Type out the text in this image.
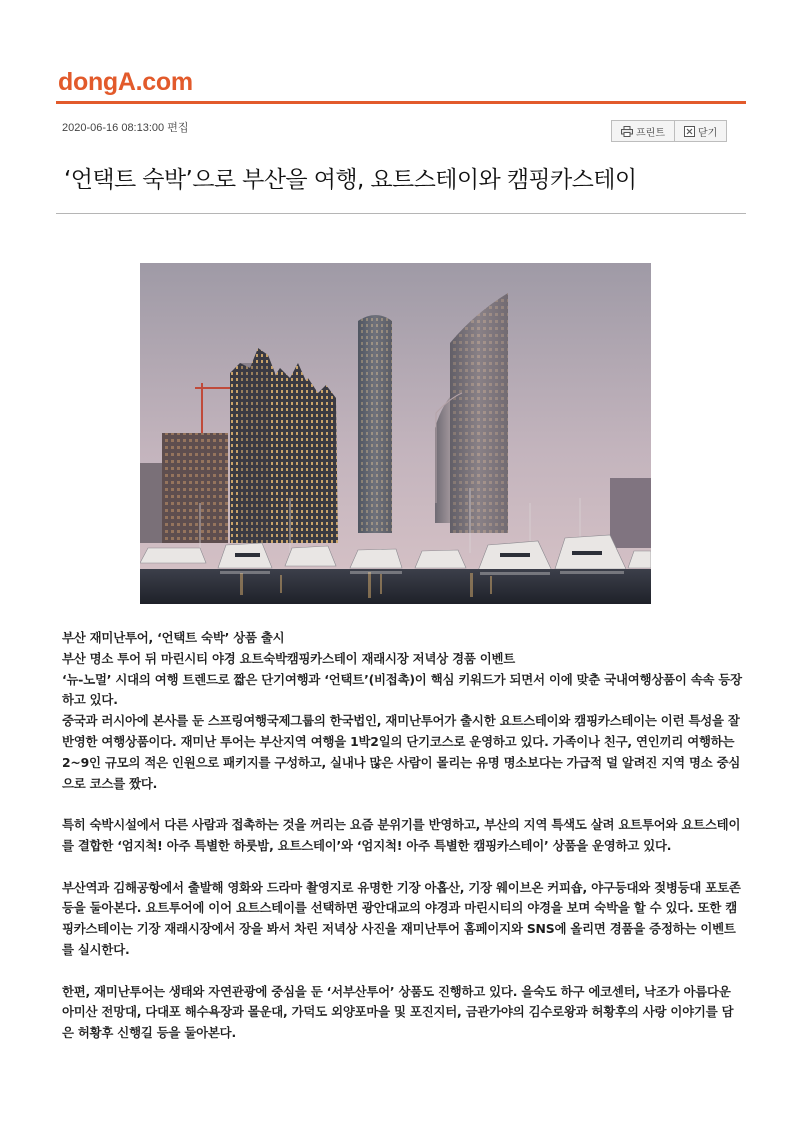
dongA.com
2020-06-16 08:13:00 편집	프린트	닫기
‘언택트 숙박’으로 부산을 여행, 요트스테이와 캠핑카스테이

부산 재미난투어, ‘언택트 숙박’ 상품 출시

부산 명소 투어 뒤 마린시티 야경 요트숙박캠핑카스테이 재래시장 저녁상 경품 이벤트

‘뉴-노멀’ 시대의 여행 트렌드로 짧은 단기여행과 ‘언택트’(비접촉)이 핵심 키워드가 되면서 이에 맞춘 국내여행상품이 속속 등장하고 있다.

중국과 러시아에 본사를 둔 스프링여행국제그룹의 한국법인, 재미난투어가 출시한 요트스테이와 캠핑카스테이는 이런 특성을 잘 반영한 여행상품이다. 재미난 투어는 부산지역 여행을 1박2일의 단기코스로 운영하고 있다. 가족이나 친구, 연인끼리 여행하는 2~9인 규모의 적은 인원으로 패키지를 구성하고, 실내나 많은 사람이 몰리는 유명 명소보다는 가급적 덜 알려진 지역 명소 중심으로 코스를 짰다.

특히 숙박시설에서 다른 사람과 접촉하는 것을 꺼리는 요즘 분위기를 반영하고, 부산의 지역 특색도 살려 요트투어와 요트스테이를 결합한 ‘엄지척! 아주 특별한 하룻밤, 요트스테이’와 ‘엄지척! 아주 특별한 캠핑카스테이’ 상품을 운영하고 있다.

부산역과 김해공항에서 출발해 영화와 드라마 촬영지로 유명한 기장 아홉산, 기장 웨이브온 커피숍, 야구등대와 젖병등대 포토존 등을 둘아본다. 요트투어에 이어 요트스테이를 선택하면 광안대교의 야경과 마린시티의 야경을 보며 숙박을 할 수 있다. 또한 캠핑카스테이는 기장 재래시장에서 장을 봐서 차린 저녁상 사진을 재미난투어 홈페이지와 SNS에 올리면 경품을 증정하는 이벤트를 실시한다.

한편, 재미난투어는 생태와 자연관광에 중심을 둔 ‘서부산투어’ 상품도 진행하고 있다. 을숙도 하구 에코센터, 낙조가 아름다운 아미산 전망대, 다대포 해수욕장과 몰운대, 가덕도 외양포마을 및 포진지터, 금관가야의 김수로왕과 허황후의 사랑 이야기를 담은 허황후 신행길 등을 둘아본다.
